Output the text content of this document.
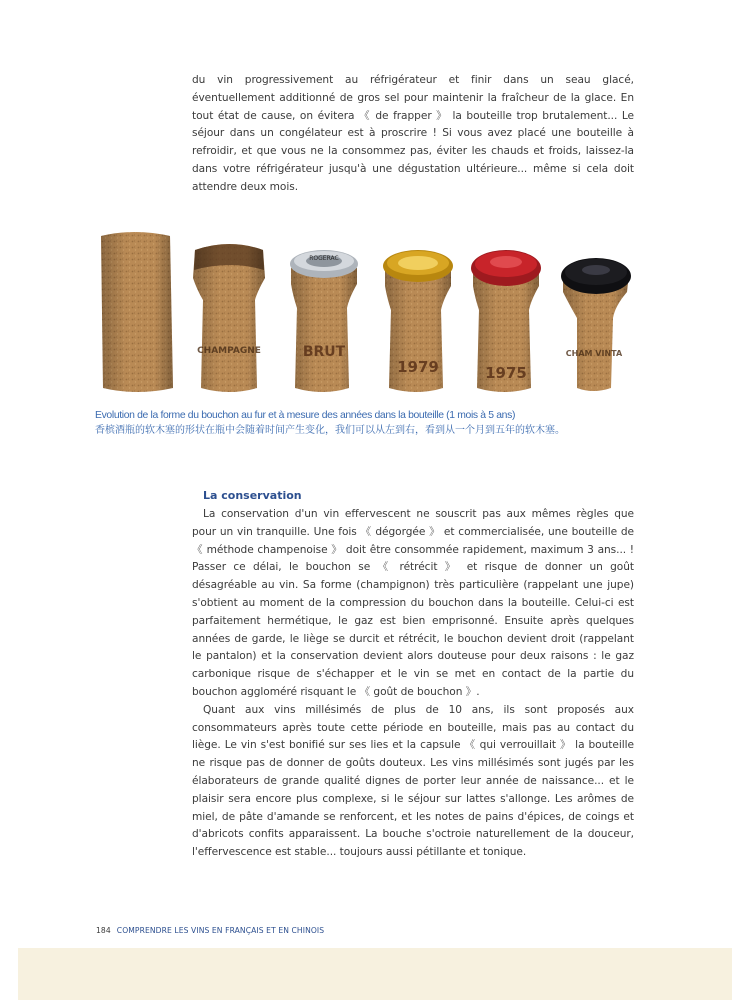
du vin progressivement au réfrigérateur et finir dans un seau glacé, éventuellement additionné de gros sel pour maintenir la fraîcheur de la glace. En tout état de cause, on évitera 《 de frapper 》 la bouteille trop brutalement... Le séjour dans un congélateur est à proscrire ! Si vous avez placé une bouteille à refroidir, et que vous ne la consommez pas, éviter les chauds et froids, laissez-la dans votre réfrigérateur jusqu'à une dégustation ultérieure... même si cela doit attendre deux mois.
CHAMPAGNE
ROGERAC
BRUT
1979	1975
CHAM VINTA
Evolution de la forme du bouchon au fur et à mesure des années dans la bouteille (1 mois à 5 ans)
香槟酒瓶的软木塞的形状在瓶中会随着时间产生变化，我们可以从左到右，看到从一个月到五年的软木塞。
La conservation

La conservation d'un vin effervescent ne souscrit pas aux mêmes règles que pour un vin tranquille. Une fois 《 dégorgée 》 et commercialisée, une bouteille de 《 méthode champenoise 》 doit être consommée rapidement, maximum 3 ans... ! Passer ce délai, le bouchon se 《 rétrécit 》 et risque de donner un goût désagréable au vin. Sa forme (champignon) très particulière (rappelant une jupe) s'obtient au moment de la compression du bouchon dans la bouteille. Celui-ci est parfaitement hermétique, le gaz est bien emprisonné. Ensuite après quelques années de garde, le liège se durcit et rétrécit, le bouchon devient droit (rappelant le pantalon) et la conservation devient alors douteuse pour deux raisons : le gaz carbonique risque de s'échapper et le vin se met en contact de la partie du bouchon aggloméré risquant le 《 goût de bouchon 》.

Quant aux vins millésimés de plus de 10 ans, ils sont proposés aux consommateurs après toute cette période en bouteille, mais pas au contact du liège. Le vin s'est bonifié sur ses lies et la capsule 《 qui verrouillait 》 la bouteille ne risque pas de donner de goûts douteux. Les vins millésimés sont jugés par les élaborateurs de grande qualité dignes de porter leur année de naissance... et le plaisir sera encore plus complexe, si le séjour sur lattes s'allonge. Les arômes de miel, de pâte d'amande se renforcent, et les notes de pains d'épices, de coings et d'abricots confits apparaissent. La bouche s'octroie naturellement de la douceur, l'effervescence est stable... toujours aussi pétillante et tonique.

184 COMPRENDRE LES VINS EN FRANÇAIS ET EN CHINOIS
